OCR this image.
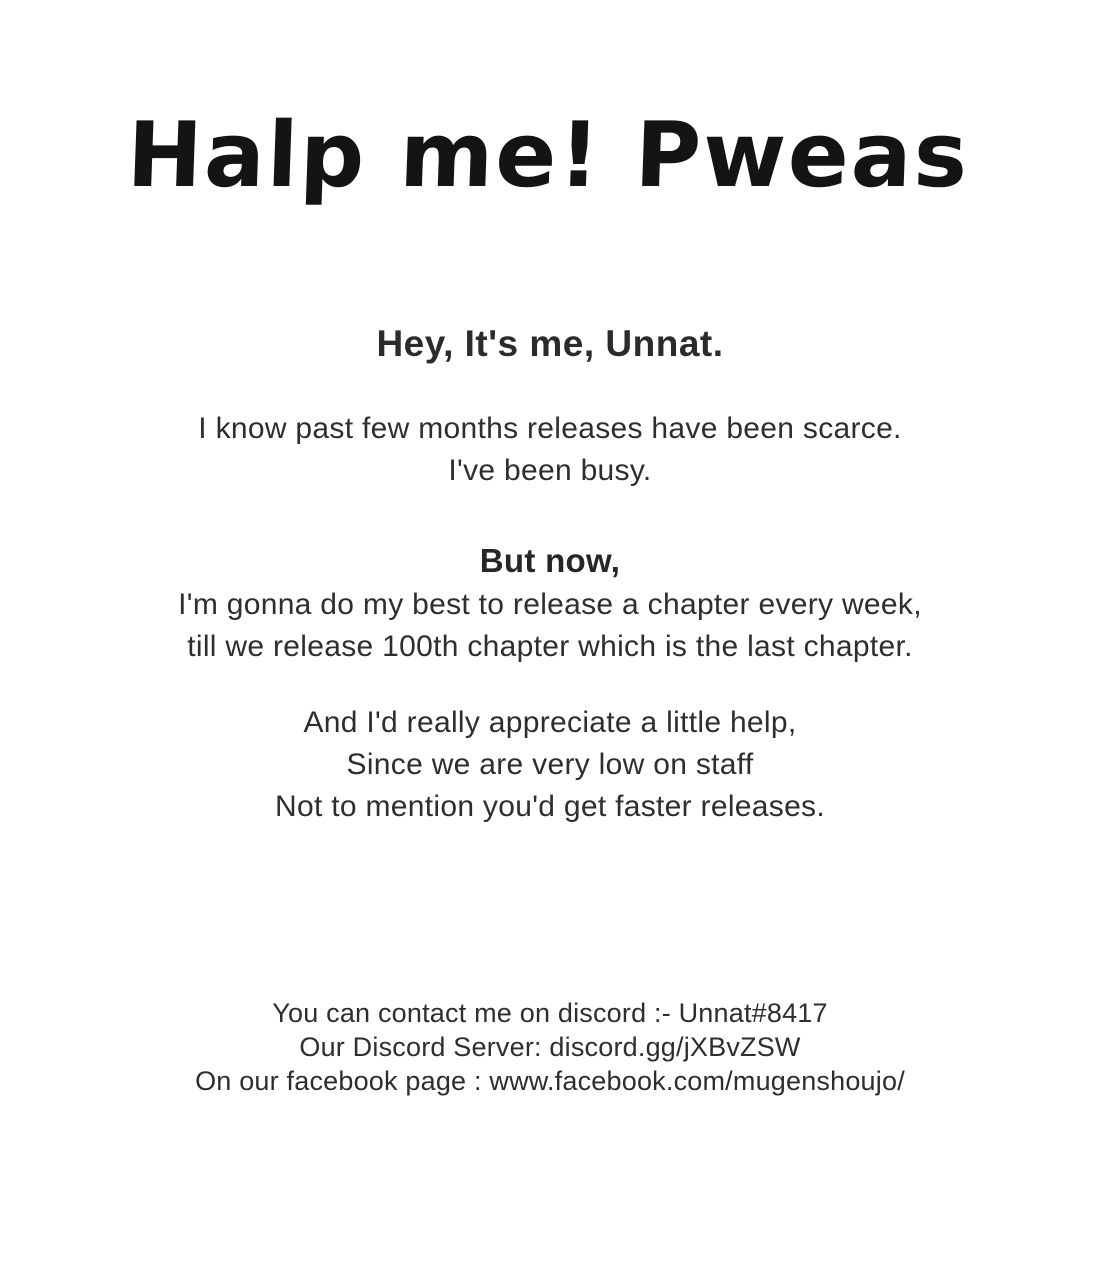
Halp me! Pweas
Hey, It's me, Unnat.
I know past few months releases have been scarce.
I've been busy.
But now,
I'm gonna do my best to release a chapter every week,
till we release 100th chapter which is the last chapter.
And I'd really appreciate a little help,
Since we are very low on staff
Not to mention you'd get faster releases.
You can contact me on discord :- Unnat#8417
Our Discord Server: discord.gg/jXBvZSW
On our facebook page : www.facebook.com/mugenshoujo/
